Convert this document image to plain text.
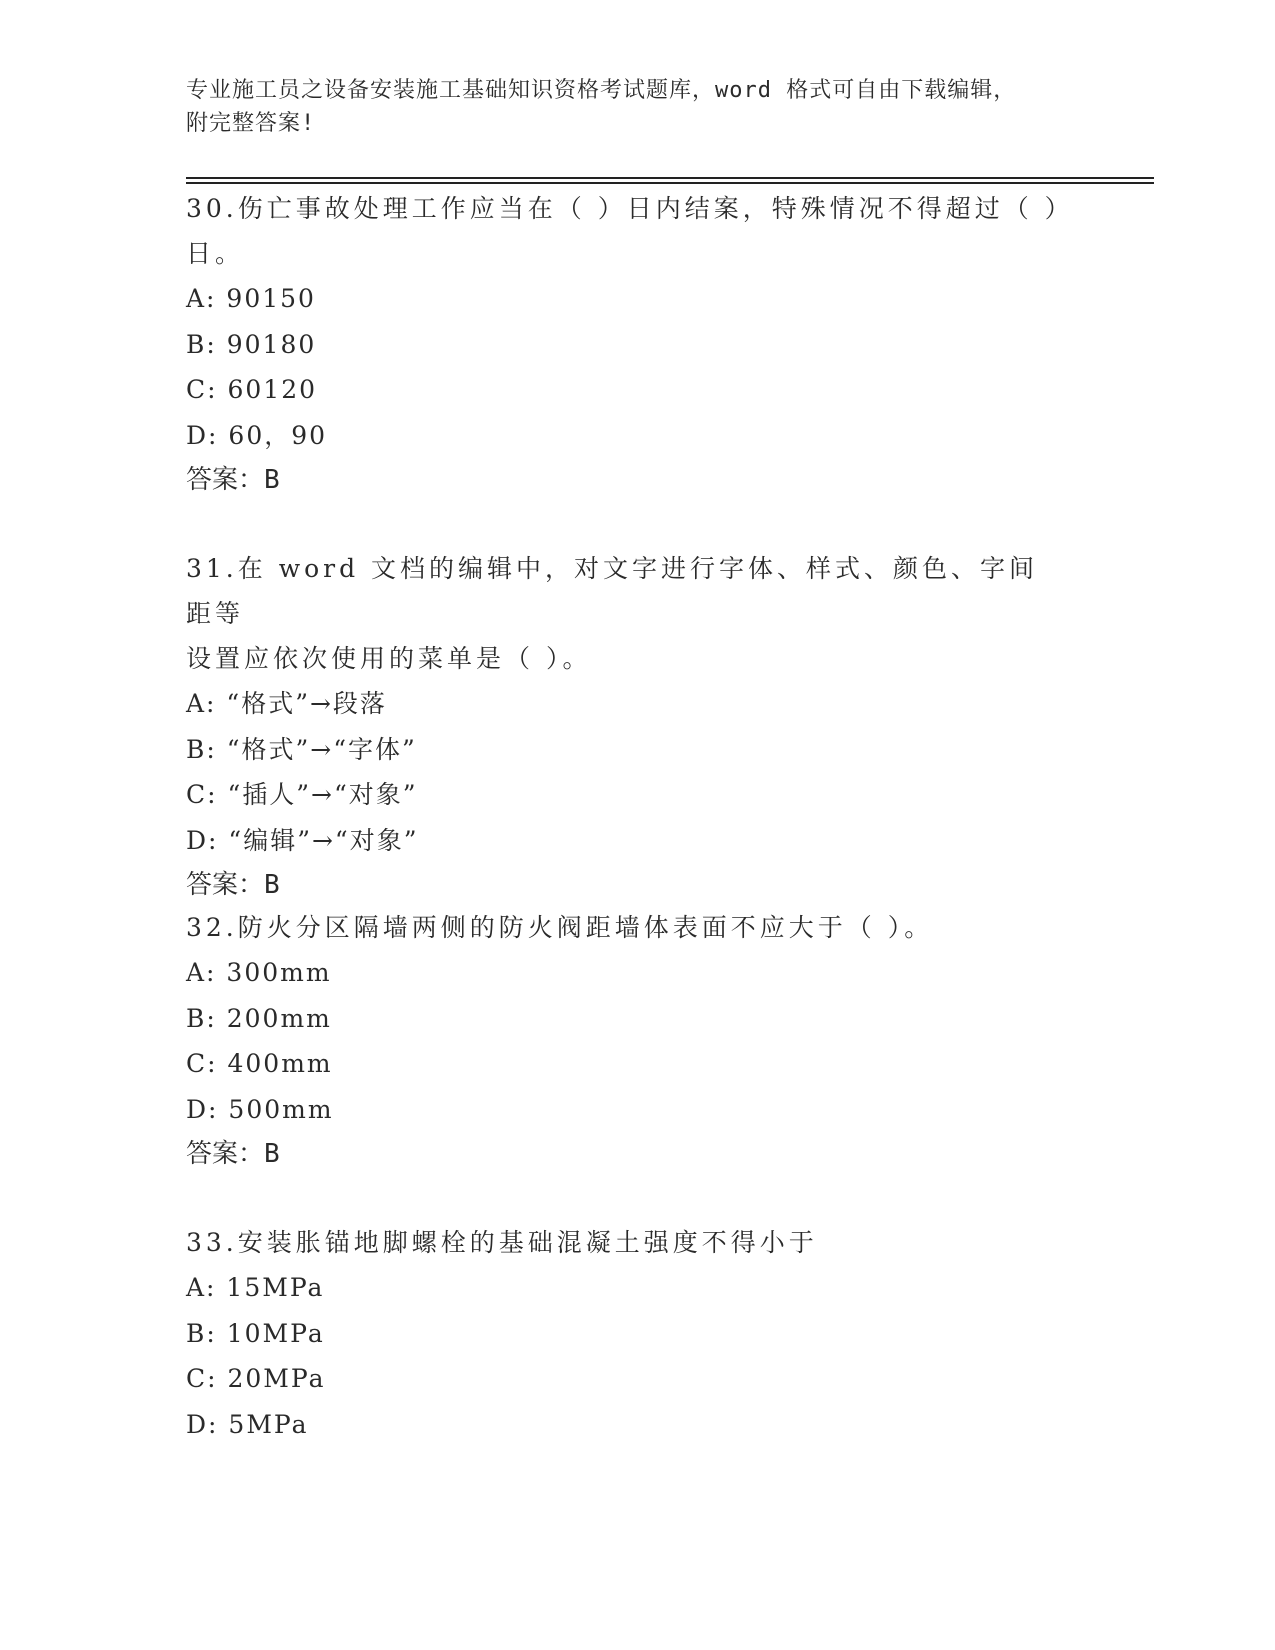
专业施工员之设备安装施工基础知识资格考试题库，word 格式可自由下载编辑，
附完整答案!

30.伤亡事故处理工作应当在（ ）日内结案，特殊情况不得超过（ ）

日。

A: 90150

B: 90180

C: 60120

D: 60，90

答案：B

31.在 word 文档的编辑中，对文字进行字体、样式、颜色、字间距等

设置应依次使用的菜单是（ ）。

A: “格式”→段落

B: “格式”→“字体”

C: “插人”→“对象”

D: “编辑”→“对象”

答案：B

32.防火分区隔墙两侧的防火阀距墙体表面不应大于（ ）。

A: 300mm

B: 200mm

C: 400mm

D: 500mm

答案：B

33.安装胀锚地脚螺栓的基础混凝土强度不得小于

A: 15MPa

B: 10MPa

C: 20MPa

D: 5MPa
